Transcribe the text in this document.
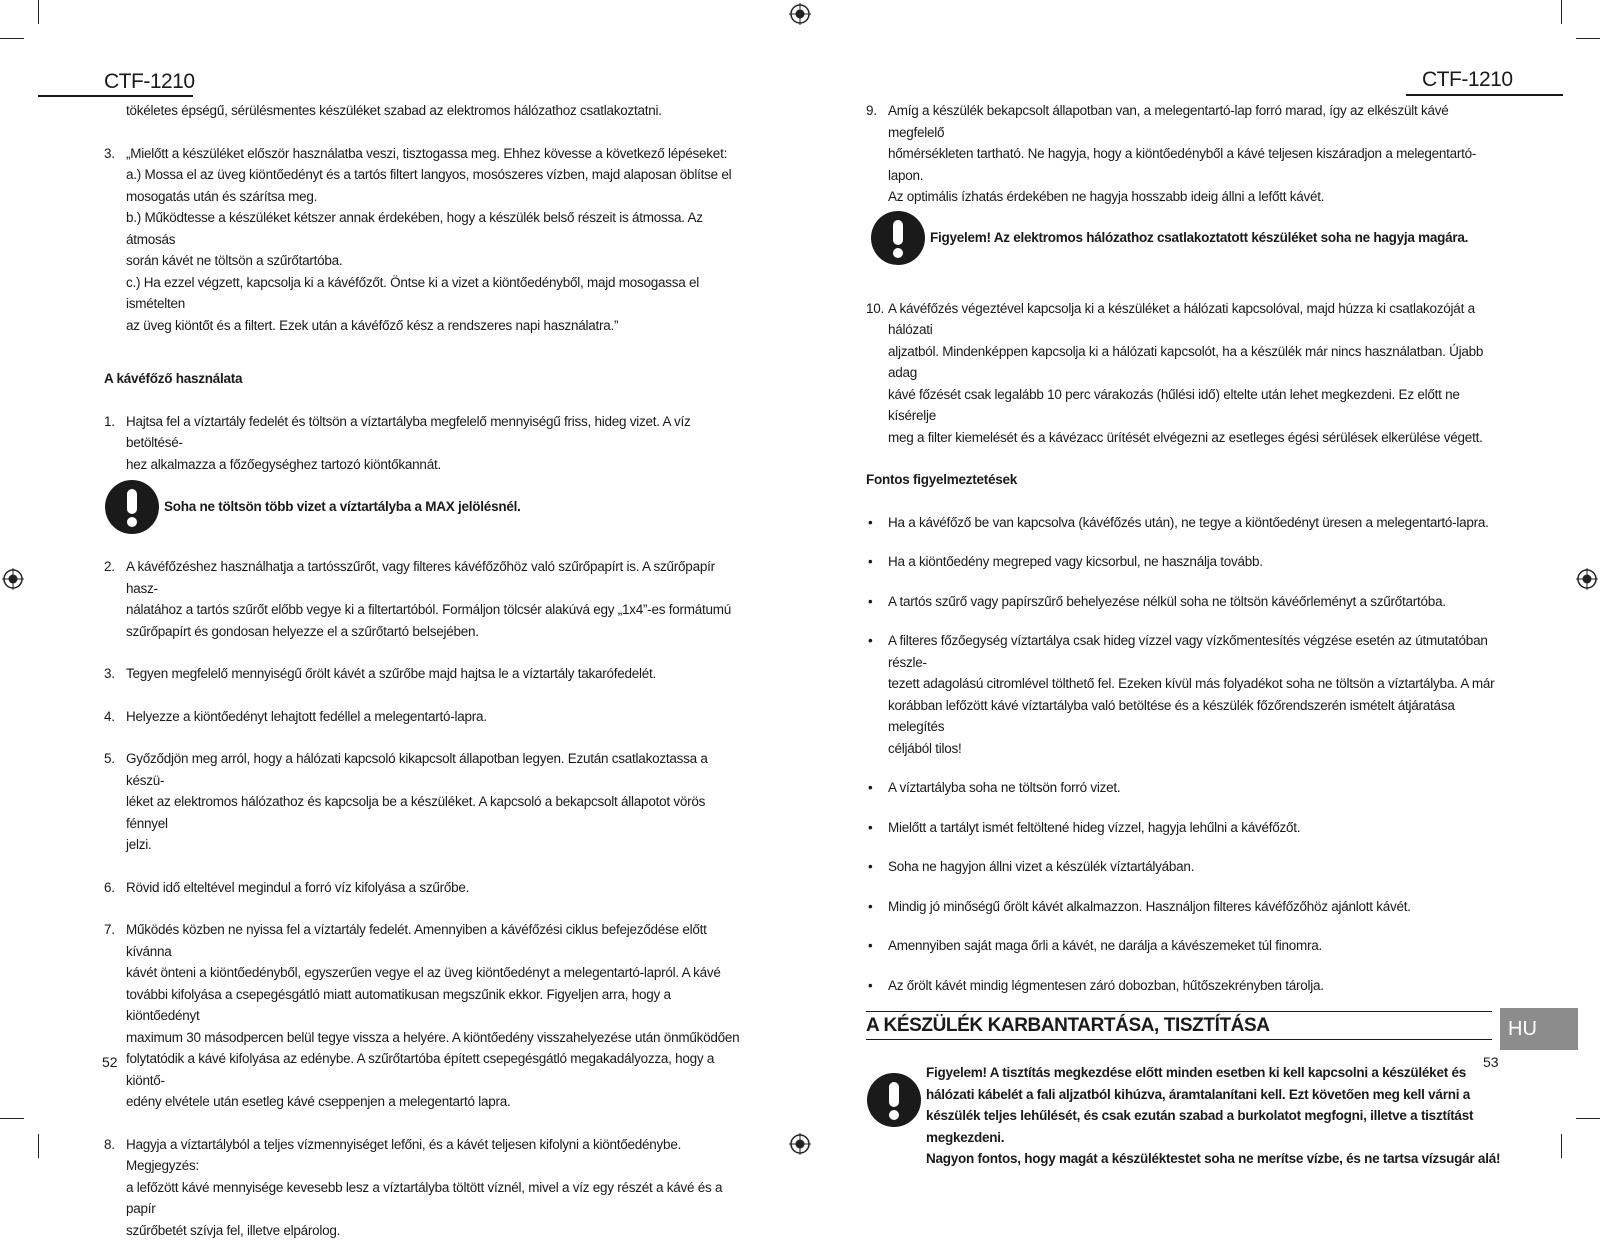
CTF-1210	CTF-1210

tökéletes épségű, sérülésmentes készüléket szabad az elektromos hálózathoz csatlakoztatni.

3. „Mielőtt a készüléket először használatba veszi, tisztogassa meg. Ehhez kövesse a következő lépéseket:

a.) Mossa el az üveg kiöntőedényt és a tartós filtert langyos, mosószeres vízben, majd alaposan öblítse el

mosogatás után és szárítsa meg.

b.) Működtesse a készüléket kétszer annak érdekében, hogy a készülék belső részeit is átmossa. Az átmosás

során kávét ne töltsön a szűrőtartóba.

c.) Ha ezzel végzett, kapcsolja ki a kávéfőzőt. Öntse ki a vizet a kiöntőedényből, majd mosogassa el ismételten

az üveg kiöntőt és a filtert. Ezek után a kávéfőző kész a rendszeres napi használatra.”

A kávéfőző használata

1. Hajtsa fel a víztartály fedelét és töltsön a víztartályba megfelelő mennyiségű friss, hideg vizet. A víz betöltésé-

hez alkalmazza a főzőegységhez tartozó kiöntőkannát.

Soha ne töltsön több vizet a víztartályba a MAX jelölésnél.

2. A kávéfőzéshez használhatja a tartósszűrőt, vagy filteres kávéfőzőhöz való szűrőpapírt is. A szűrőpapír hasz-

nálatához a tartós szűrőt előbb vegye ki a filtertartóból. Formáljon tölcsér alakúvá egy „1x4”-es formátumú

szűrőpapírt és gondosan helyezze el a szűrőtartó belsejében.

3. Tegyen megfelelő mennyiségű őrölt kávét a szűrőbe majd hajtsa le a víztartály takarófedelét.

4. Helyezze a kiöntőedényt lehajtott fedéllel a melegentartó-lapra.

5. Győződjön meg arról, hogy a hálózati kapcsoló kikapcsolt állapotban legyen. Ezután csatlakoztassa a készü-

léket az elektromos hálózathoz és kapcsolja be a készüléket. A kapcsoló a bekapcsolt állapotot vörös fénnyel

jelzi.

6. Rövid idő elteltével megindul a forró víz kifolyása a szűrőbe.

7. Működés közben ne nyissa fel a víztartály fedelét. Amennyiben a kávéfőzési ciklus befejeződése előtt kívánna

kávét önteni a kiöntőedényből, egyszerűen vegye el az üveg kiöntőedényt a melegentartó-lapról. A kávé

további kifolyása a csepegésgátló miatt automatikusan megszűnik ekkor. Figyeljen arra, hogy a kiöntőedényt

maximum 30 másodpercen belül tegye vissza a helyére. A kiöntőedény visszahelyezése után önműködően

folytatódik a kávé kifolyása az edénybe. A szűrőtartóba épített csepegésgátló megakadályozza, hogy a kiöntő-

edény elvétele után esetleg kávé cseppenjen a melegentartó lapra.

8. Hagyja a víztartályból a teljes vízmennyiséget lefőni, és a kávét teljesen kifolyni a kiöntőedénybe. Megjegyzés:

a lefőzött kávé mennyisége kevesebb lesz a víztartályba töltött víznél, mivel a víz egy részét a kávé és a papír

szűrőbetét szívja fel, illetve elpárolog.

52
9. Amíg a készülék bekapcsolt állapotban van, a melegentartó-lap forró marad, így az elkészült kávé megfelelő

hőmérsékleten tartható. Ne hagyja, hogy a kiöntőedényből a kávé teljesen kiszáradjon a melegentartó-lapon.

Az optimális ízhatás érdekében ne hagyja hosszabb ideig állni a lefőtt kávét.

Figyelem! Az elektromos hálózathoz csatlakoztatott készüléket soha ne hagyja magára.

10. A kávéfőzés végeztével kapcsolja ki a készüléket a hálózati kapcsolóval, majd húzza ki csatlakozóját a hálózati

aljzatból. Mindenképpen kapcsolja ki a hálózati kapcsolót, ha a készülék már nincs használatban. Újabb adag

kávé főzését csak legalább 10 perc várakozás (hűlési idő) eltelte után lehet megkezdeni. Ez előtt ne kísérelje

meg a filter kiemelését és a kávézacc ürítését elvégezni az esetleges égési sérülések elkerülése végett.

Fontos figyelmeztetések

•	Ha a kávéfőző be van kapcsolva (kávéfőzés után), ne tegye a kiöntőedényt üresen a melegentartó-lapra.

•	Ha a kiöntőedény megreped vagy kicsorbul, ne használja tovább.

•	A tartós szűrő vagy papírszűrő behelyezése nélkül soha ne töltsön kávéőrleményt a szűrőtartóba.

•	A filteres főzőegység víztartálya csak hideg vízzel vagy vízkőmentesítés végzése esetén az útmutatóban részle-

tezett adagolású citromlével tölthető fel. Ezeken kívül más folyadékot soha ne töltsön a víztartályba. A már

korábban lefőzött kávé víztartályba való betöltése és a készülék főzőrendszerén ismételt átjáratása melegítés

céljából tilos!

•	A víztartályba soha ne töltsön forró vizet.

•	Mielőtt a tartályt ismét feltöltené hideg vízzel, hagyja lehűlni a kávéfőzőt.

•	Soha ne hagyjon állni vizet a készülék víztartályában.

•	Mindig jó minőségű őrölt kávét alkalmazzon. Használjon filteres kávéfőzőhöz ajánlott kávét.

•	Amennyiben saját maga őrli a kávét, ne darálja a kávészemeket túl finomra.

•	Az őrölt kávét mindig légmentesen záró dobozban, hűtőszekrényben tárolja.

A KÉSZÜLÉK KARBANTARTÁSA, TISZTÍTÁSA

Figyelem! A tisztítás megkezdése előtt minden esetben ki kell kapcsolni a készüléket és

hálózati kábelét a fali aljzatból kihúzva, áramtalanítani kell. Ezt követően meg kell várni a

készülék teljes lehűlését, és csak ezután szabad a burkolatot megfogni, illetve a tisztítást

megkezdeni.

Nagyon fontos, hogy magát a készüléktestet soha ne merítse vízbe, és ne tartsa vízsugár alá!

53
HU
